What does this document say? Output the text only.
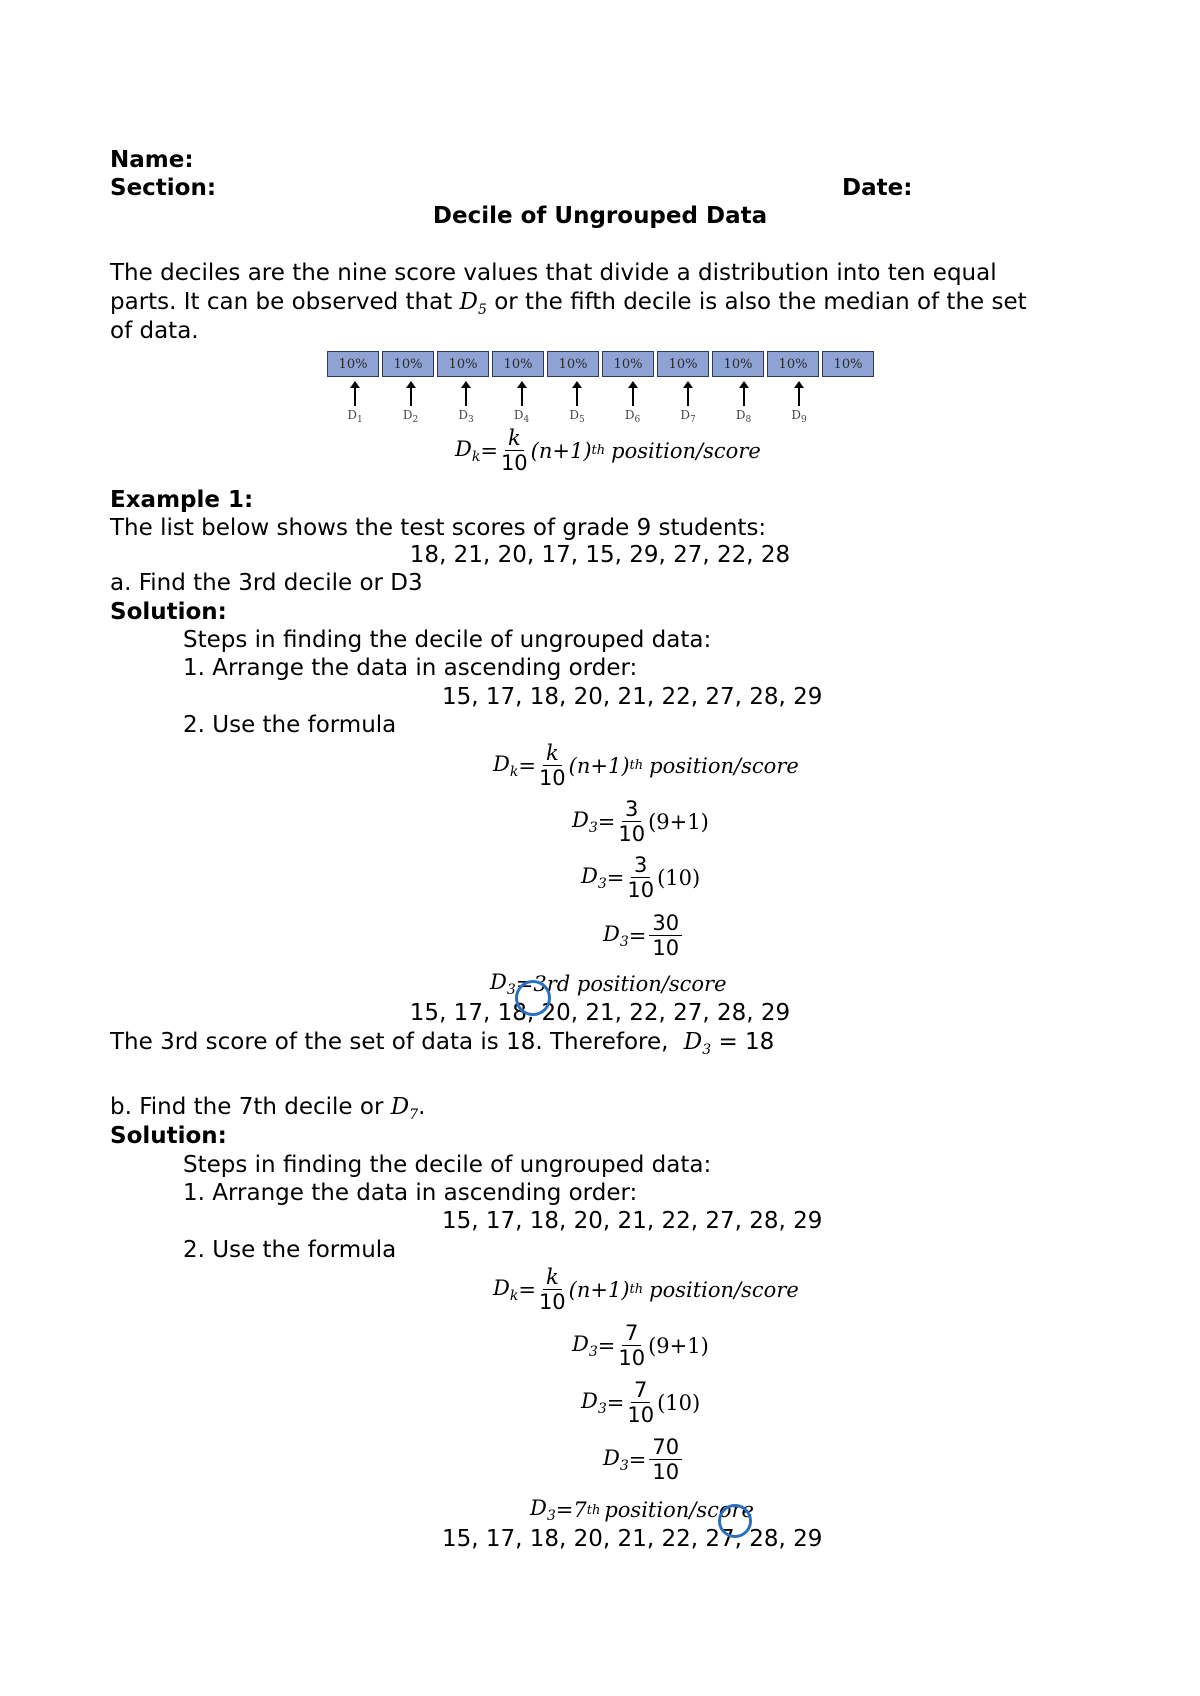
Name:
Section:	Date:
Decile of Ungrouped Data
The deciles are the nine score values that divide a distribution into ten equal
parts. It can be observed that $D_5$ or the fifth decile is also the median of the set
of data.
10%	10%	10%	10%	10%	10%	10%	10%	10%	10%
$D_1$	$D_2$	$D_3$	$D_4$	$D_5$	$D_6$	$D_7$	$D_8$	$D_9$
$D_k = \frac{k}{10} (n+1)$ th position/score
Example 1:
The list below shows the test scores of grade 9 students:
18, 21, 20, 17, 15, 29, 27, 22, 28
a. Find the 3rd decile or D3
Solution:
Steps in finding the decile of ungrouped data:
1. Arrange the data in ascending order:
15, 17, 18, 20, 21, 22, 27, 28, 29
2. Use the formula
$D_k = \frac{k}{10} (n+1)$ th position/score
$D_3 = \frac{3}{10} (9+1)$
$D_3 = \frac{3}{10} (10)$
$D_3 = \frac{30}{10}$
$D_3 =3rd$ position/score
15, 17, 18, 20, 21, 22, 27, 28, 29
The 3rd score of the set of data is 18. Therefore, $D_3 = 18$
b. Find the 7th decile or $D_7$.
Solution:
Steps in finding the decile of ungrouped data:
1. Arrange the data in ascending order:
15, 17, 18, 20, 21, 22, 27, 28, 29
2. Use the formula
$D_k = \frac{k}{10} (n+1)$ th position/score
$D_3 = \frac{7}{10} (9+1)$
$D_3 = \frac{7}{10} (10)$
$D_3 = \frac{70}{10}$
$D_3 =7$ th position/score
15, 17, 18, 20, 21, 22, 27, 28, 29
